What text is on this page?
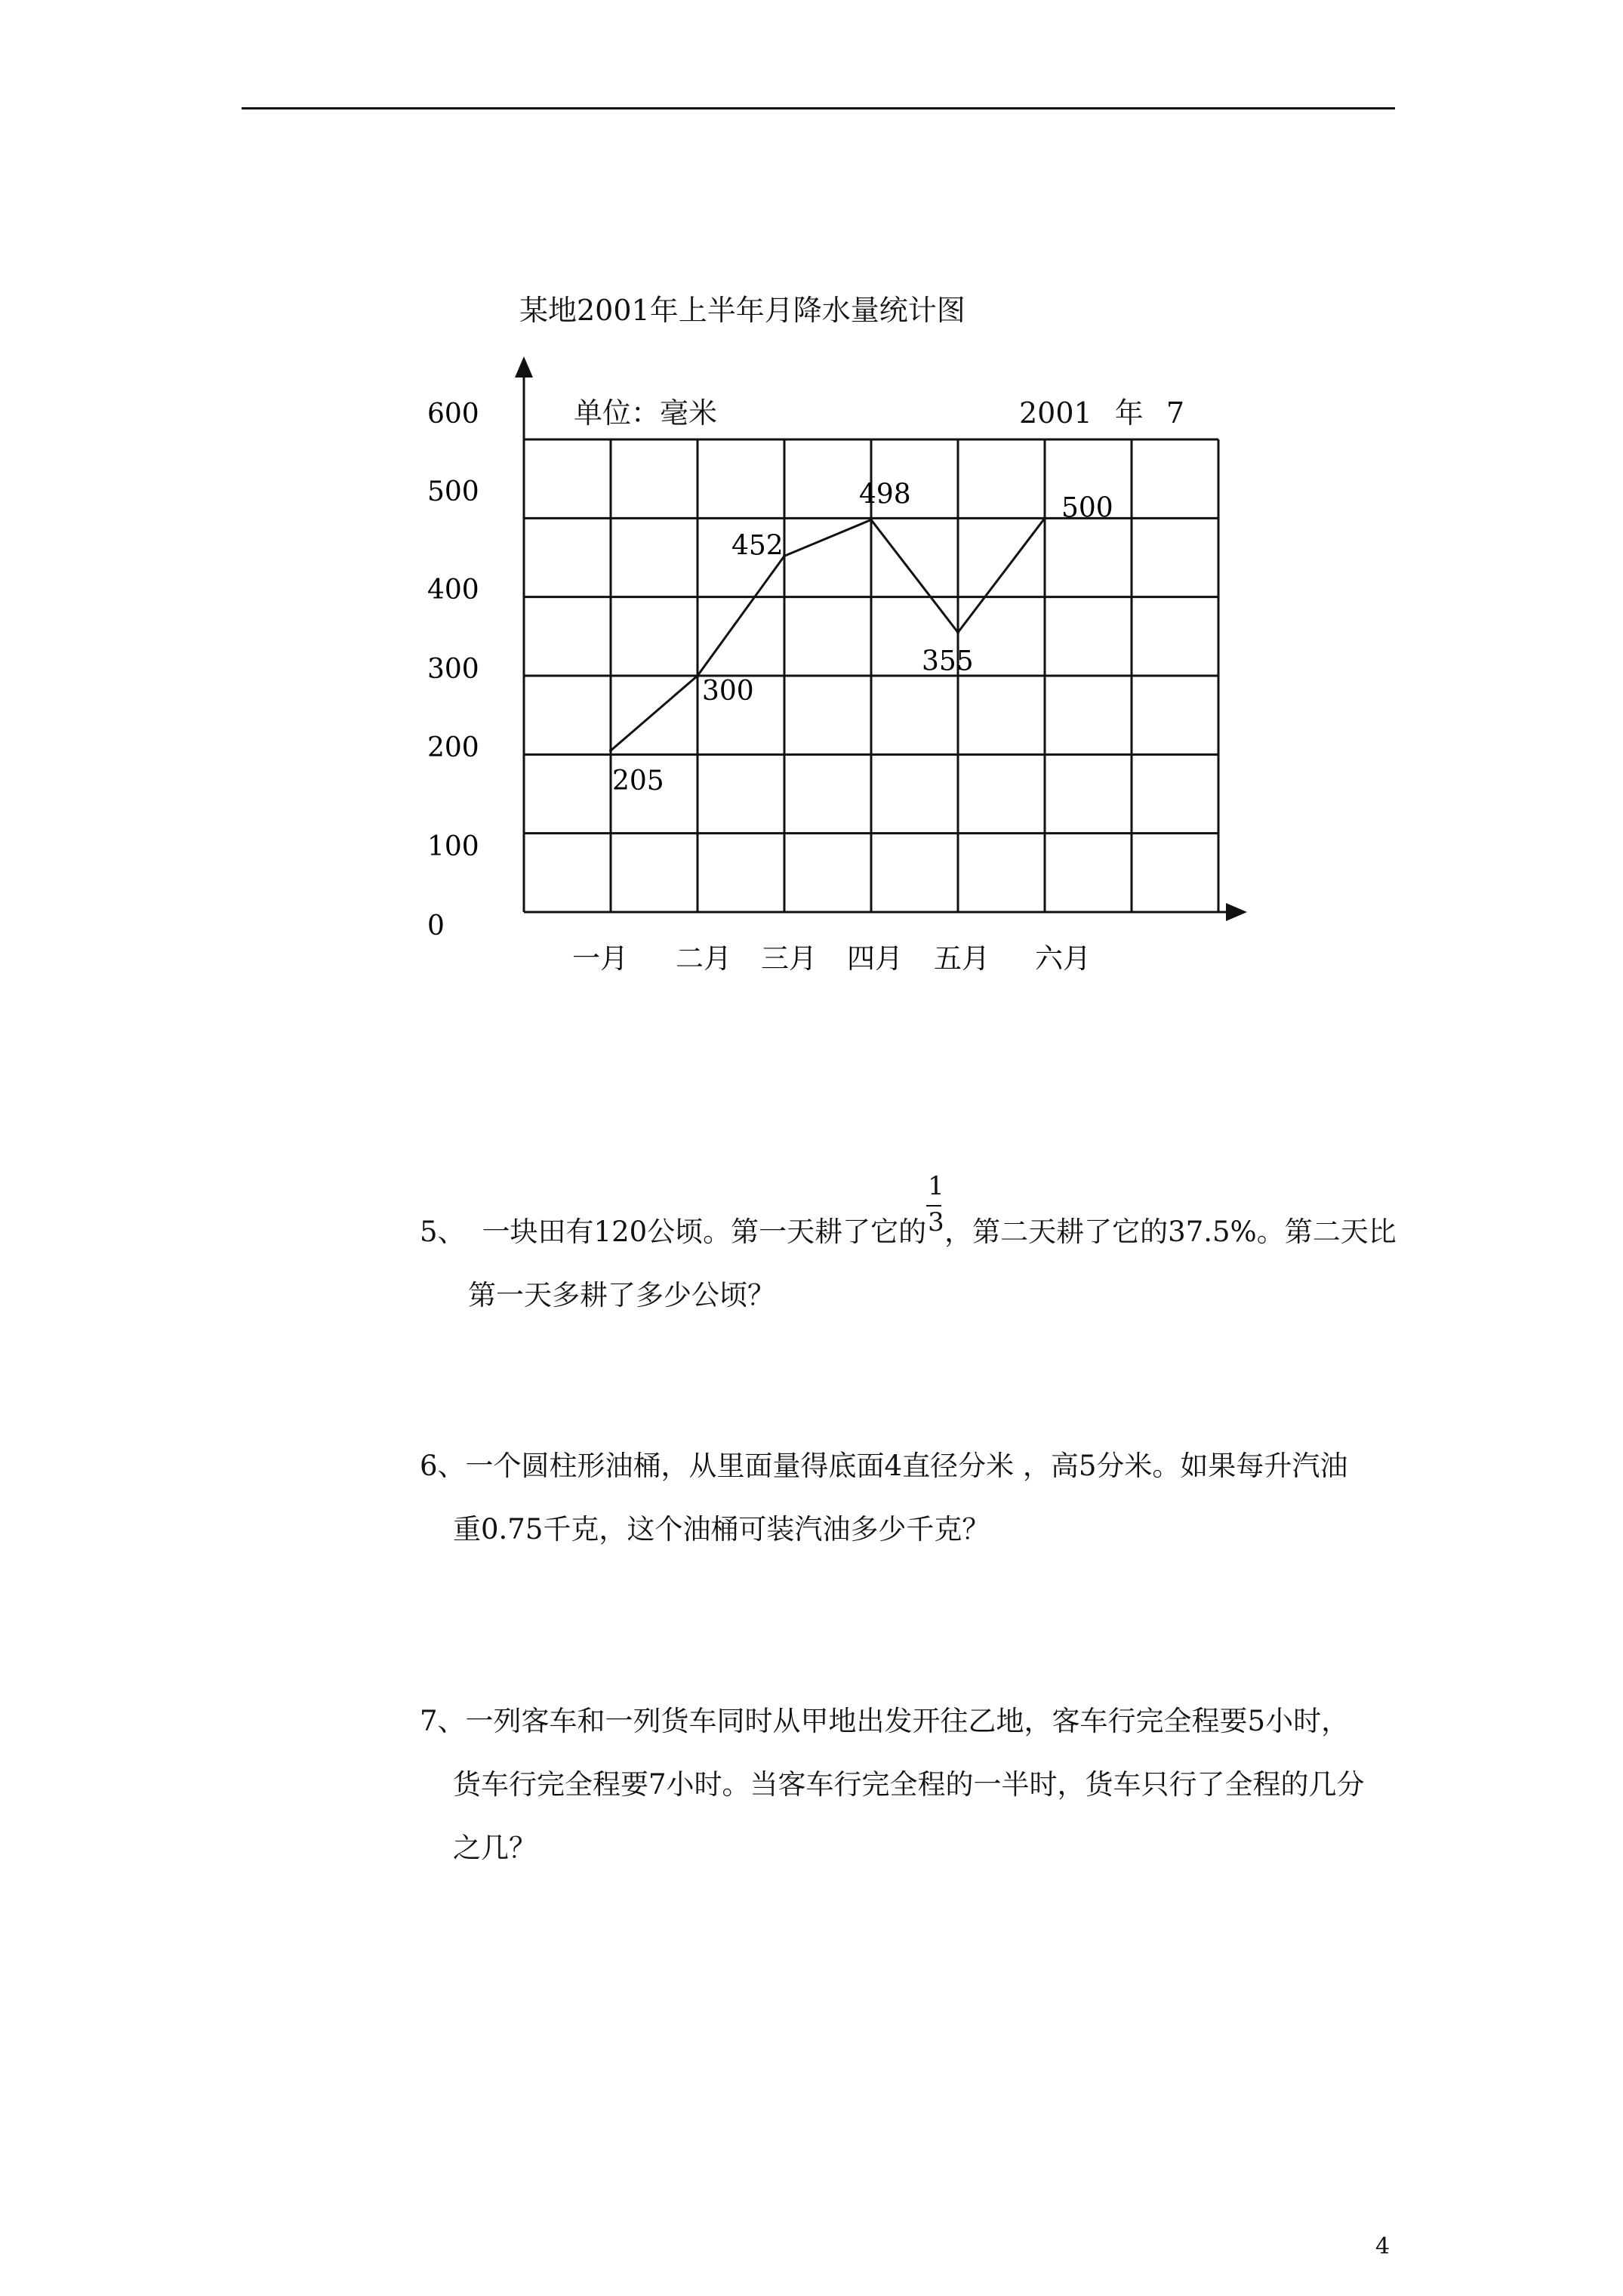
某地2001年上半年月降水量统计图
单位：毫米	2001 年 7
600
500
400
300
200
100
0
一月 二月 三月 四月 五月 六月
205
300
452
498
355
500
5、 一块田有120公顷。第一天耕了它的 $\frac{1}{3}$ ，第二天耕了它的37.5%。第二天比
第一天多耕了多少公顷？
6、一个圆柱形油桶，从里面量得底面4直径分米 ，高5分米。如果每升汽油
重0.75千克，这个油桶可装汽油多少千克？
7、一列客车和一列货车同时从甲地出发开往乙地，客车行完全程要5小时，
货车行完全程要7小时。当客车行完全程的一半时，货车只行了全程的几分
之几？
4
